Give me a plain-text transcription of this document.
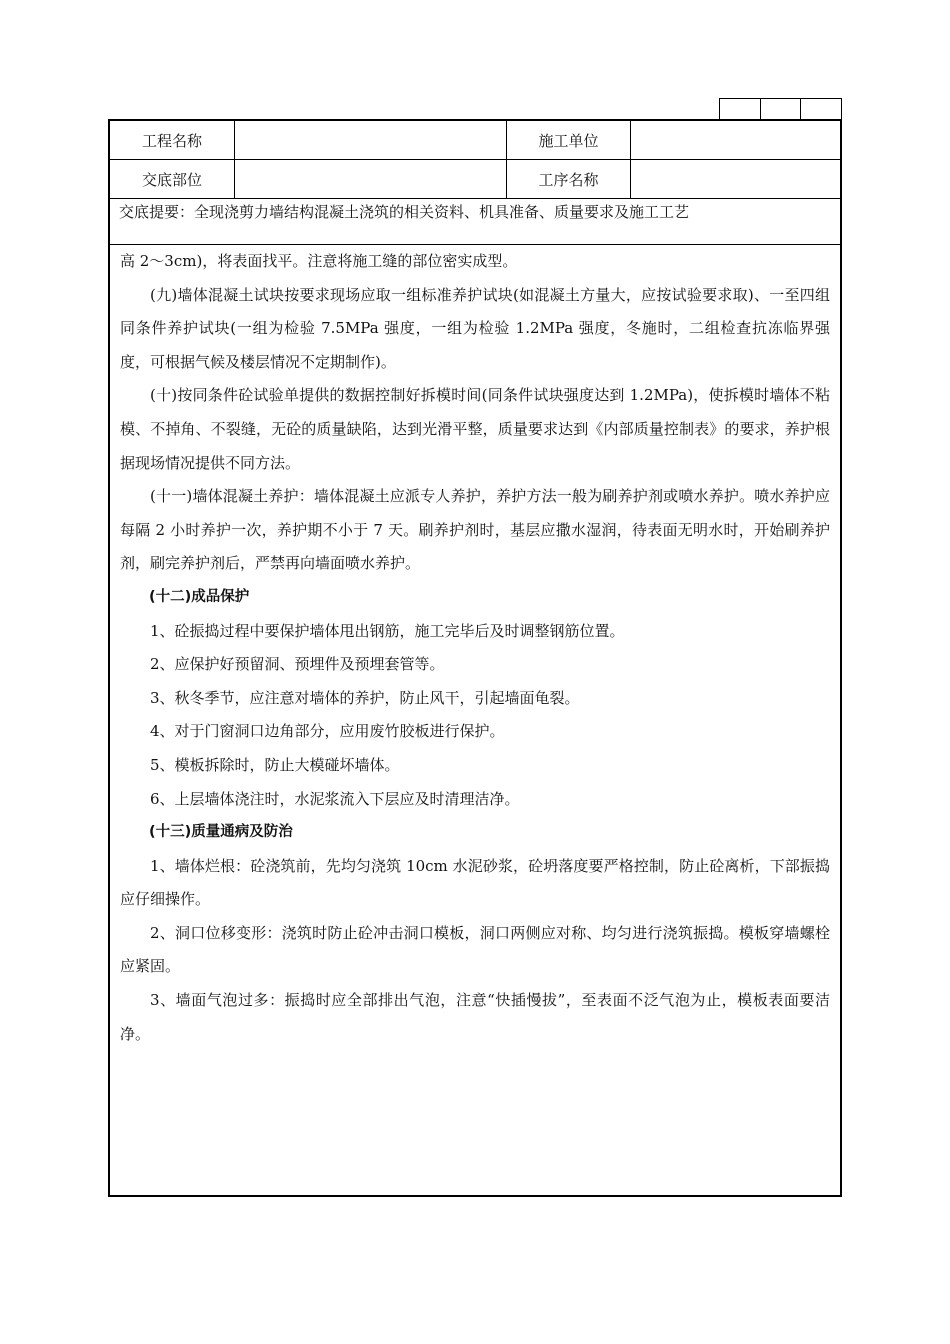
工程名称	施工单位
交底部位	工序名称
交底提要：全现浇剪力墙结构混凝土浇筑的相关资料、机具准备、质量要求及施工工艺

高 2～3cm)，将表面找平。注意将施工缝的部位密实成型。

(九)墙体混凝土试块按要求现场应取一组标准养护试块(如混凝土方量大，应按试验要求取)、一至四组同条件养护试块(一组为检验 7.5MPa 强度，一组为检验 1.2MPa 强度，冬施时，二组检查抗冻临界强度，可根据气候及楼层情况不定期制作)。

(十)按同条件砼试验单提供的数据控制好拆模时间(同条件试块强度达到 1.2MPa)，使拆模时墙体不粘模、不掉角、不裂缝，无砼的质量缺陷，达到光滑平整，质量要求达到《内部质量控制表》的要求，养护根据现场情况提供不同方法。

(十一)墙体混凝土养护：墙体混凝土应派专人养护，养护方法一般为刷养护剂或喷水养护。喷水养护应每隔 2 小时养护一次，养护期不小于 7 天。刷养护剂时，基层应撒水湿润，待表面无明水时，开始刷养护剂，刷完养护剂后，严禁再向墙面喷水养护。

(十二)成品保护

1、砼振捣过程中要保护墙体甩出钢筋，施工完毕后及时调整钢筋位置。

2、应保护好预留洞、预埋件及预埋套管等。

3、秋冬季节，应注意对墙体的养护，防止风干，引起墙面龟裂。

4、对于门窗洞口边角部分，应用废竹胶板进行保护。

5、模板拆除时，防止大模碰坏墙体。

6、上层墙体浇注时，水泥浆流入下层应及时清理洁净。

(十三)质量通病及防治

1、墙体烂根：砼浇筑前，先均匀浇筑 10cm 水泥砂浆，砼坍落度要严格控制，防止砼离析，下部振捣应仔细操作。

2、洞口位移变形：浇筑时防止砼冲击洞口模板，洞口两侧应对称、均匀进行浇筑振捣。模板穿墙螺栓应紧固。

3、墙面气泡过多：振捣时应全部排出气泡，注意“快插慢拔”，至表面不泛气泡为止，模板表面要洁净。
